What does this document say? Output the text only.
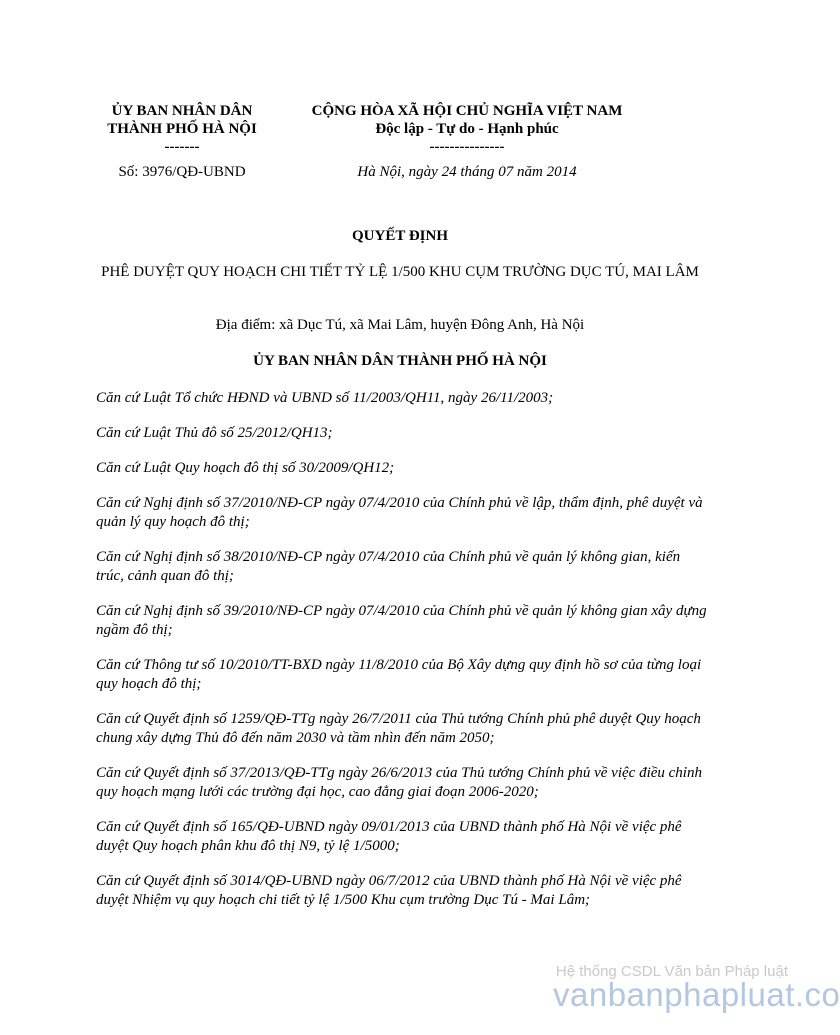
ỦY BAN NHÂN DÂN
THÀNH PHỐ HÀ NỘI
-------
CỘNG HÒA XÃ HỘI CHỦ NGHĨA VIỆT NAM
Độc lập - Tự do - Hạnh phúc
---------------
Số: 3976/QĐ-UBND	Hà Nội, ngày 24 tháng 07 năm 2014
QUYẾT ĐỊNH
PHÊ DUYỆT QUY HOẠCH CHI TIẾT TỶ LỆ 1/500 KHU CỤM TRƯỜNG DỤC TÚ, MAI LÂM
Địa điểm: xã Dục Tú, xã Mai Lâm, huyện Đông Anh, Hà Nội
ỦY BAN NHÂN DÂN THÀNH PHỐ HÀ NỘI
Căn cứ Luật Tổ chức HĐND và UBND số 11/2003/QH11, ngày 26/11/2003;
Căn cứ Luật Thủ đô số 25/2012/QH13;
Căn cứ Luật Quy hoạch đô thị số 30/2009/QH12;
Căn cứ Nghị định số 37/2010/NĐ-CP ngày 07/4/2010 của Chính phủ về lập, thẩm định, phê duyệt và quản lý quy hoạch đô thị;
Căn cứ Nghị định số 38/2010/NĐ-CP ngày 07/4/2010 của Chính phủ về quản lý không gian, kiến trúc, cảnh quan đô thị;
Căn cứ Nghị định số 39/2010/NĐ-CP ngày 07/4/2010 của Chính phủ về quản lý không gian xây dựng ngầm đô thị;
Căn cứ Thông tư số 10/2010/TT-BXD ngày 11/8/2010 của Bộ Xây dựng quy định hồ sơ của từng loại quy hoạch đô thị;
Căn cứ Quyết định số 1259/QĐ-TTg ngày 26/7/2011 của Thủ tướng Chính phủ phê duyệt Quy hoạch chung xây dựng Thủ đô đến năm 2030 và tầm nhìn đến năm 2050;
Căn cứ Quyết định số 37/2013/QĐ-TTg ngày 26/6/2013 của Thủ tướng Chính phủ về việc điều chỉnh quy hoạch mạng lưới các trường đại học, cao đẳng giai đoạn 2006-2020;
Căn cứ Quyết định số 165/QĐ-UBND ngày 09/01/2013 của UBND thành phố Hà Nội về việc phê duyệt Quy hoạch phân khu đô thị N9, tỷ lệ 1/5000;
Căn cứ Quyết định số 3014/QĐ-UBND ngày 06/7/2012 của UBND thành phố Hà Nội về việc phê duyệt Nhiệm vụ quy hoạch chi tiết tỷ lệ 1/500 Khu cụm trường Dục Tú - Mai Lâm;
Hệ thống CSDL Văn bản Pháp luật
vanbanphapluat.co
